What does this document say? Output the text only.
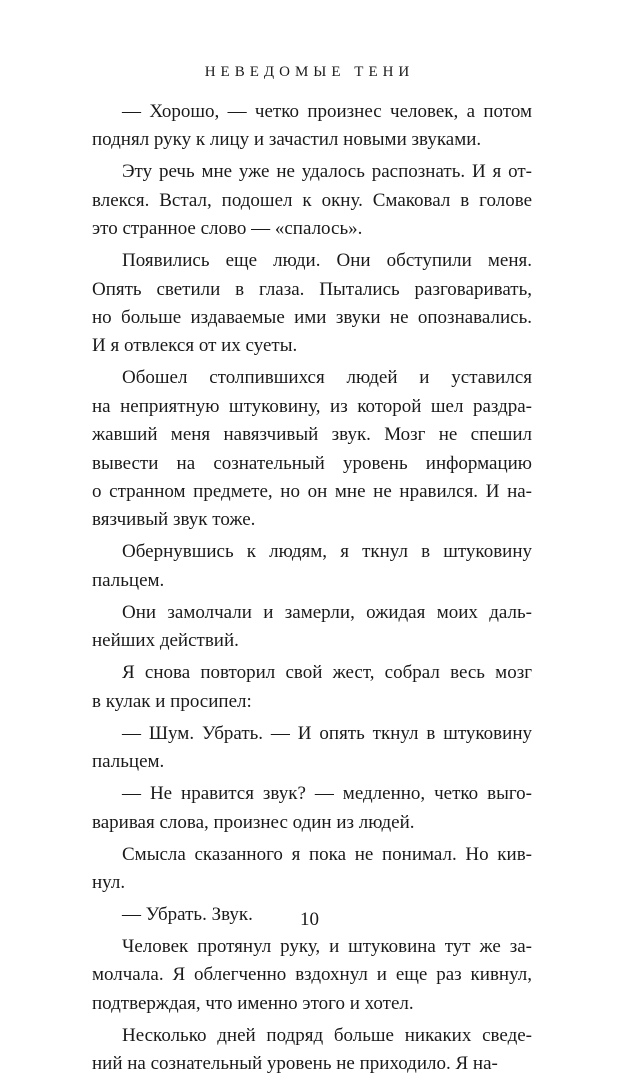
НЕВЕДОМЫЕ ТЕНИ

— Хорошо, — четко произнес человек, а потом
поднял руку к лицу и зачастил новыми звуками.

Эту речь мне уже не удалось распознать. И я от-
влекся. Встал, подошел к окну. Смаковал в голове
это странное слово — «спалось».

Появились еще люди. Они обступили меня.
Опять светили в глаза. Пытались разговаривать,
но больше издаваемые ими звуки не опознавались.
И я отвлекся от их суеты.

Обошел столпившихся людей и уставился
на неприятную штуковину, из которой шел раздра-
жавший меня навязчивый звук. Мозг не спешил
вывести на сознательный уровень информацию
о странном предмете, но он мне не нравился. И на-
вязчивый звук тоже.

Обернувшись к людям, я ткнул в штуковину
пальцем.

Они замолчали и замерли, ожидая моих даль-
нейших действий.

Я снова повторил свой жест, собрал весь мозг
в кулак и просипел:

— Шум. Убрать. — И опять ткнул в штуковину
пальцем.

— Не нравится звук? — медленно, четко выго-
варивая слова, произнес один из людей.

Смысла сказанного я пока не понимал. Но кив-
нул.

— Убрать. Звук.

Человек протянул руку, и штуковина тут же за-
молчала. Я облегченно вздохнул и еще раз кивнул,
подтверждая, что именно этого и хотел.

Несколько дней подряд больше никаких сведе-
ний на сознательный уровень не приходило. Я на-

10
